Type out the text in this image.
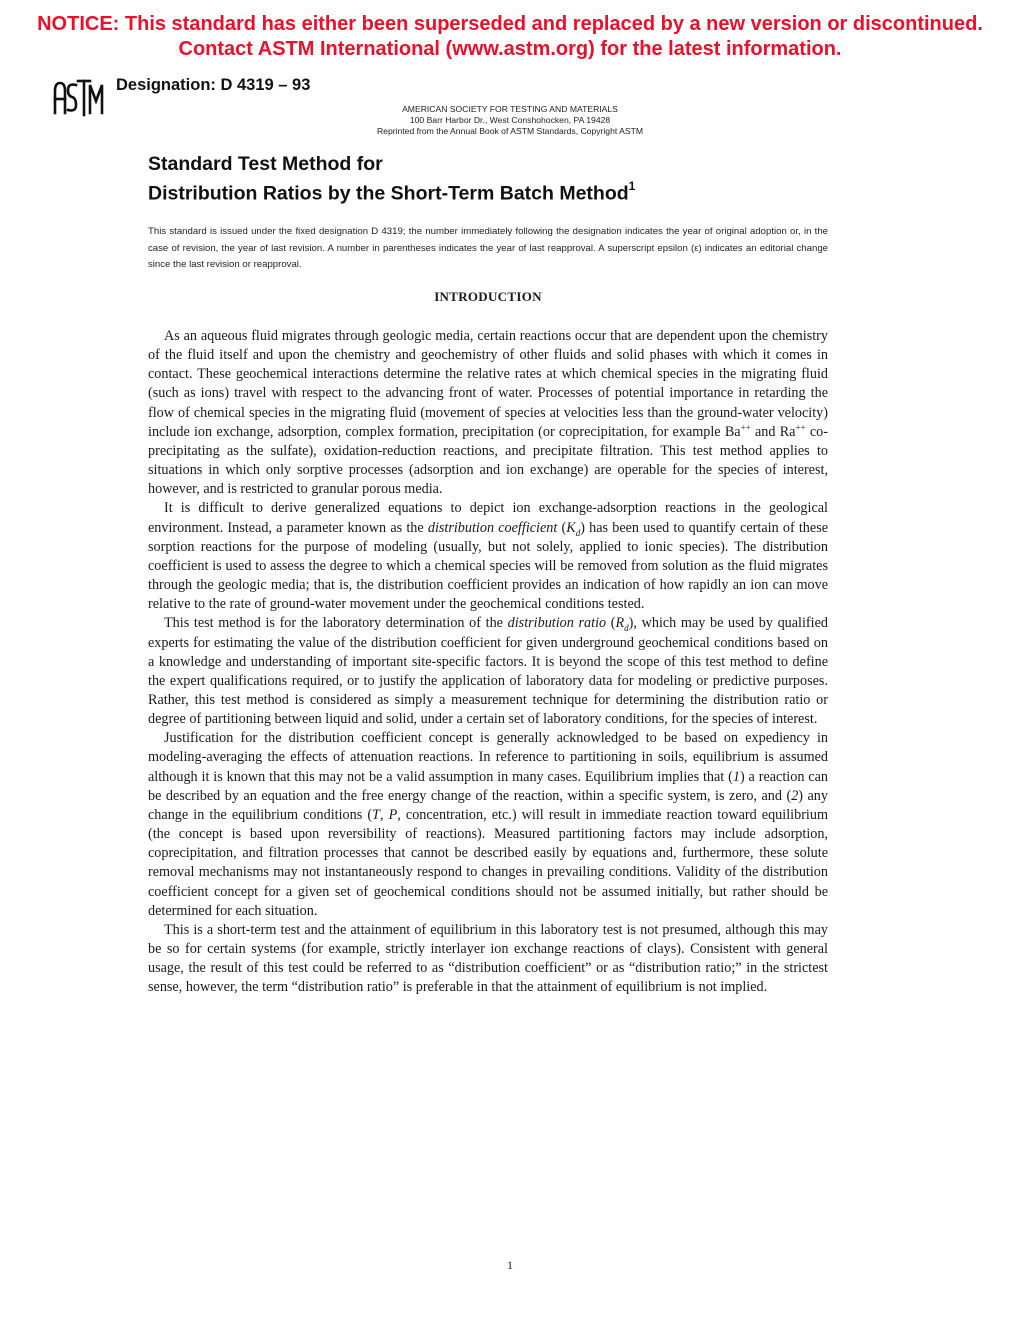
NOTICE: This standard has either been superseded and replaced by a new version or discontinued.
Contact ASTM International (www.astm.org) for the latest information.
Designation: D 4319 – 93
AMERICAN SOCIETY FOR TESTING AND MATERIALS
100 Barr Harbor Dr., West Conshohocken, PA 19428
Reprinted from the Annual Book of ASTM Standards, Copyright ASTM
Standard Test Method for
Distribution Ratios by the Short-Term Batch Method$^1$
This standard is issued under the fixed designation D 4319; the number immediately following the designation indicates the year of original adoption or, in the case of revision, the year of last revision. A number in parentheses indicates the year of last reapproval. A superscript epsilon (ε) indicates an editorial change since the last revision or reapproval.
INTRODUCTION

As an aqueous fluid migrates through geologic media, certain reactions occur that are dependent upon the chemistry of the fluid itself and upon the chemistry and geochemistry of other fluids and solid phases with which it comes in contact. These geochemical interactions determine the relative rates at which chemical species in the migrating fluid (such as ions) travel with respect to the advancing front of water. Processes of potential importance in retarding the flow of chemical species in the migrating fluid (movement of species at velocities less than the ground-water velocity) include ion exchange, adsorption, complex formation, precipitation (or coprecipitation, for example Ba++ and Ra++ co-precipitating as the sulfate), oxidation-reduction reactions, and precipitate filtration. This test method applies to situations in which only sorptive processes (adsorption and ion exchange) are operable for the species of interest, however, and is restricted to granular porous media.

It is difficult to derive generalized equations to depict ion exchange-adsorption reactions in the geological environment. Instead, a parameter known as the distribution coefficient $(K_d)$ has been used to quantify certain of these sorption reactions for the purpose of modeling (usually, but not solely, applied to ionic species). The distribution coefficient is used to assess the degree to which a chemical species will be removed from solution as the fluid migrates through the geologic media; that is, the distribution coefficient provides an indication of how rapidly an ion can move relative to the rate of ground-water movement under the geochemical conditions tested.

This test method is for the laboratory determination of the distribution ratio $(R_d)$, which may be used by qualified experts for estimating the value of the distribution coefficient for given underground geochemical conditions based on a knowledge and understanding of important site-specific factors. It is beyond the scope of this test method to define the expert qualifications required, or to justify the application of laboratory data for modeling or predictive purposes. Rather, this test method is considered as simply a measurement technique for determining the distribution ratio or degree of partitioning between liquid and solid, under a certain set of laboratory conditions, for the species of interest.

Justification for the distribution coefficient concept is generally acknowledged to be based on expediency in modeling-averaging the effects of attenuation reactions. In reference to partitioning in soils, equilibrium is assumed although it is known that this may not be a valid assumption in many cases. Equilibrium implies that (1) a reaction can be described by an equation and the free energy change of the reaction, within a specific system, is zero, and (2) any change in the equilibrium conditions (T, P, concentration, etc.) will result in immediate reaction toward equilibrium (the concept is based upon reversibility of reactions). Measured partitioning factors may include adsorption, coprecipitation, and filtration processes that cannot be described easily by equations and, furthermore, these solute removal mechanisms may not instantaneously respond to changes in prevailing conditions. Validity of the distribution coefficient concept for a given set of geochemical conditions should not be assumed initially, but rather should be determined for each situation.

This is a short-term test and the attainment of equilibrium in this laboratory test is not presumed, although this may be so for certain systems (for example, strictly interlayer ion exchange reactions of clays). Consistent with general usage, the result of this test could be referred to as “distribution coefficient” or as “distribution ratio;” in the strictest sense, however, the term “distribution ratio” is preferable in that the attainment of equilibrium is not implied.

1
